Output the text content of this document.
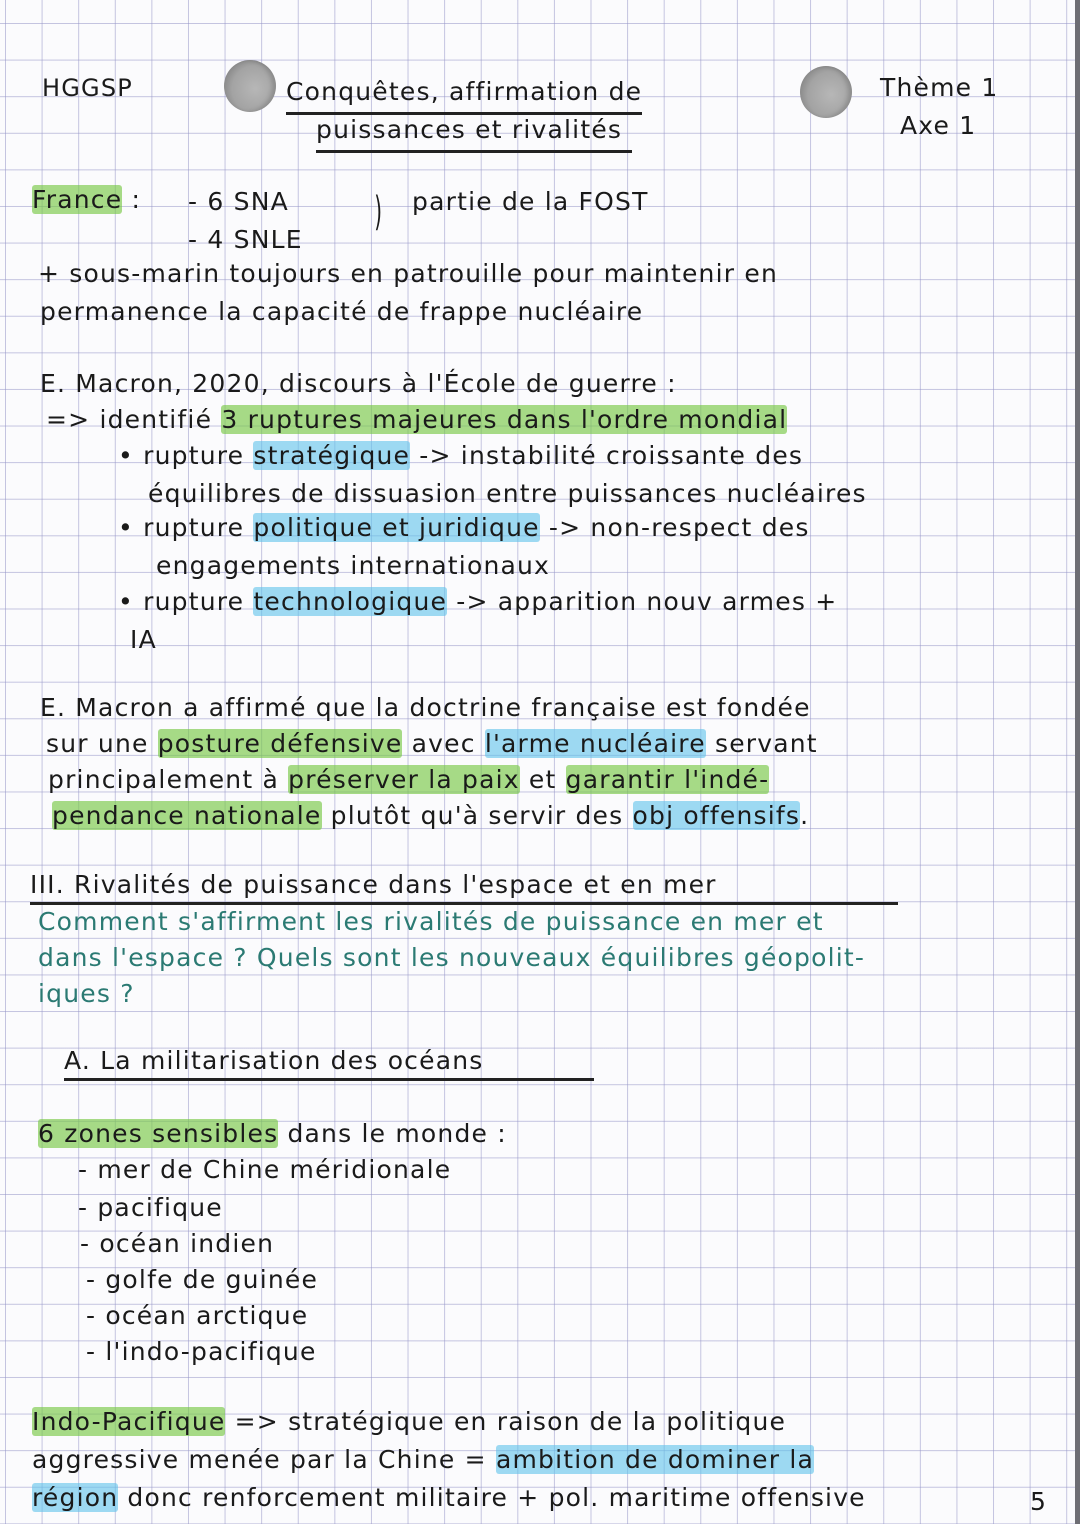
HGGSP	Conquêtes, affirmation de
puissances et rivalités
Thème 1
Axe 1
France : - 6 SNA
- 4 SNLE
) partie de la FOST
+ sous-marin toujours en patrouille pour maintenir en
permanence la capacité de frappe nucléaire
E. Macron, 2020, discours à l'École de guerre :
=> identifié 3 ruptures majeures dans l'ordre mondial
• rupture stratégique -> instabilité croissante des
équilibres de dissuasion entre puissances nucléaires
• rupture politique et juridique -> non-respect des
engagements internationaux
• rupture technologique -> apparition nouv armes +
IA
E. Macron a affirmé que la doctrine française est fondée
sur une posture défensive avec l'arme nucléaire servant
principalement à préserver la paix et garantir l'indé-
pendance nationale plutôt qu'à servir des obj offensifs.
III. Rivalités de puissance dans l'espace et en mer
Comment s'affirment les rivalités de puissance en mer et
dans l'espace ? Quels sont les nouveaux équilibres géopolit-
iques ?
A. La militarisation des océans
6 zones sensibles dans le monde :
- mer de Chine méridionale
- pacifique
- océan indien
- golfe de guinée
- océan arctique
- l'indo-pacifique
Indo-Pacifique => stratégique en raison de la politique
aggressive menée par la Chine = ambition de dominer la
région donc renforcement militaire + pol. maritime offensive	5
